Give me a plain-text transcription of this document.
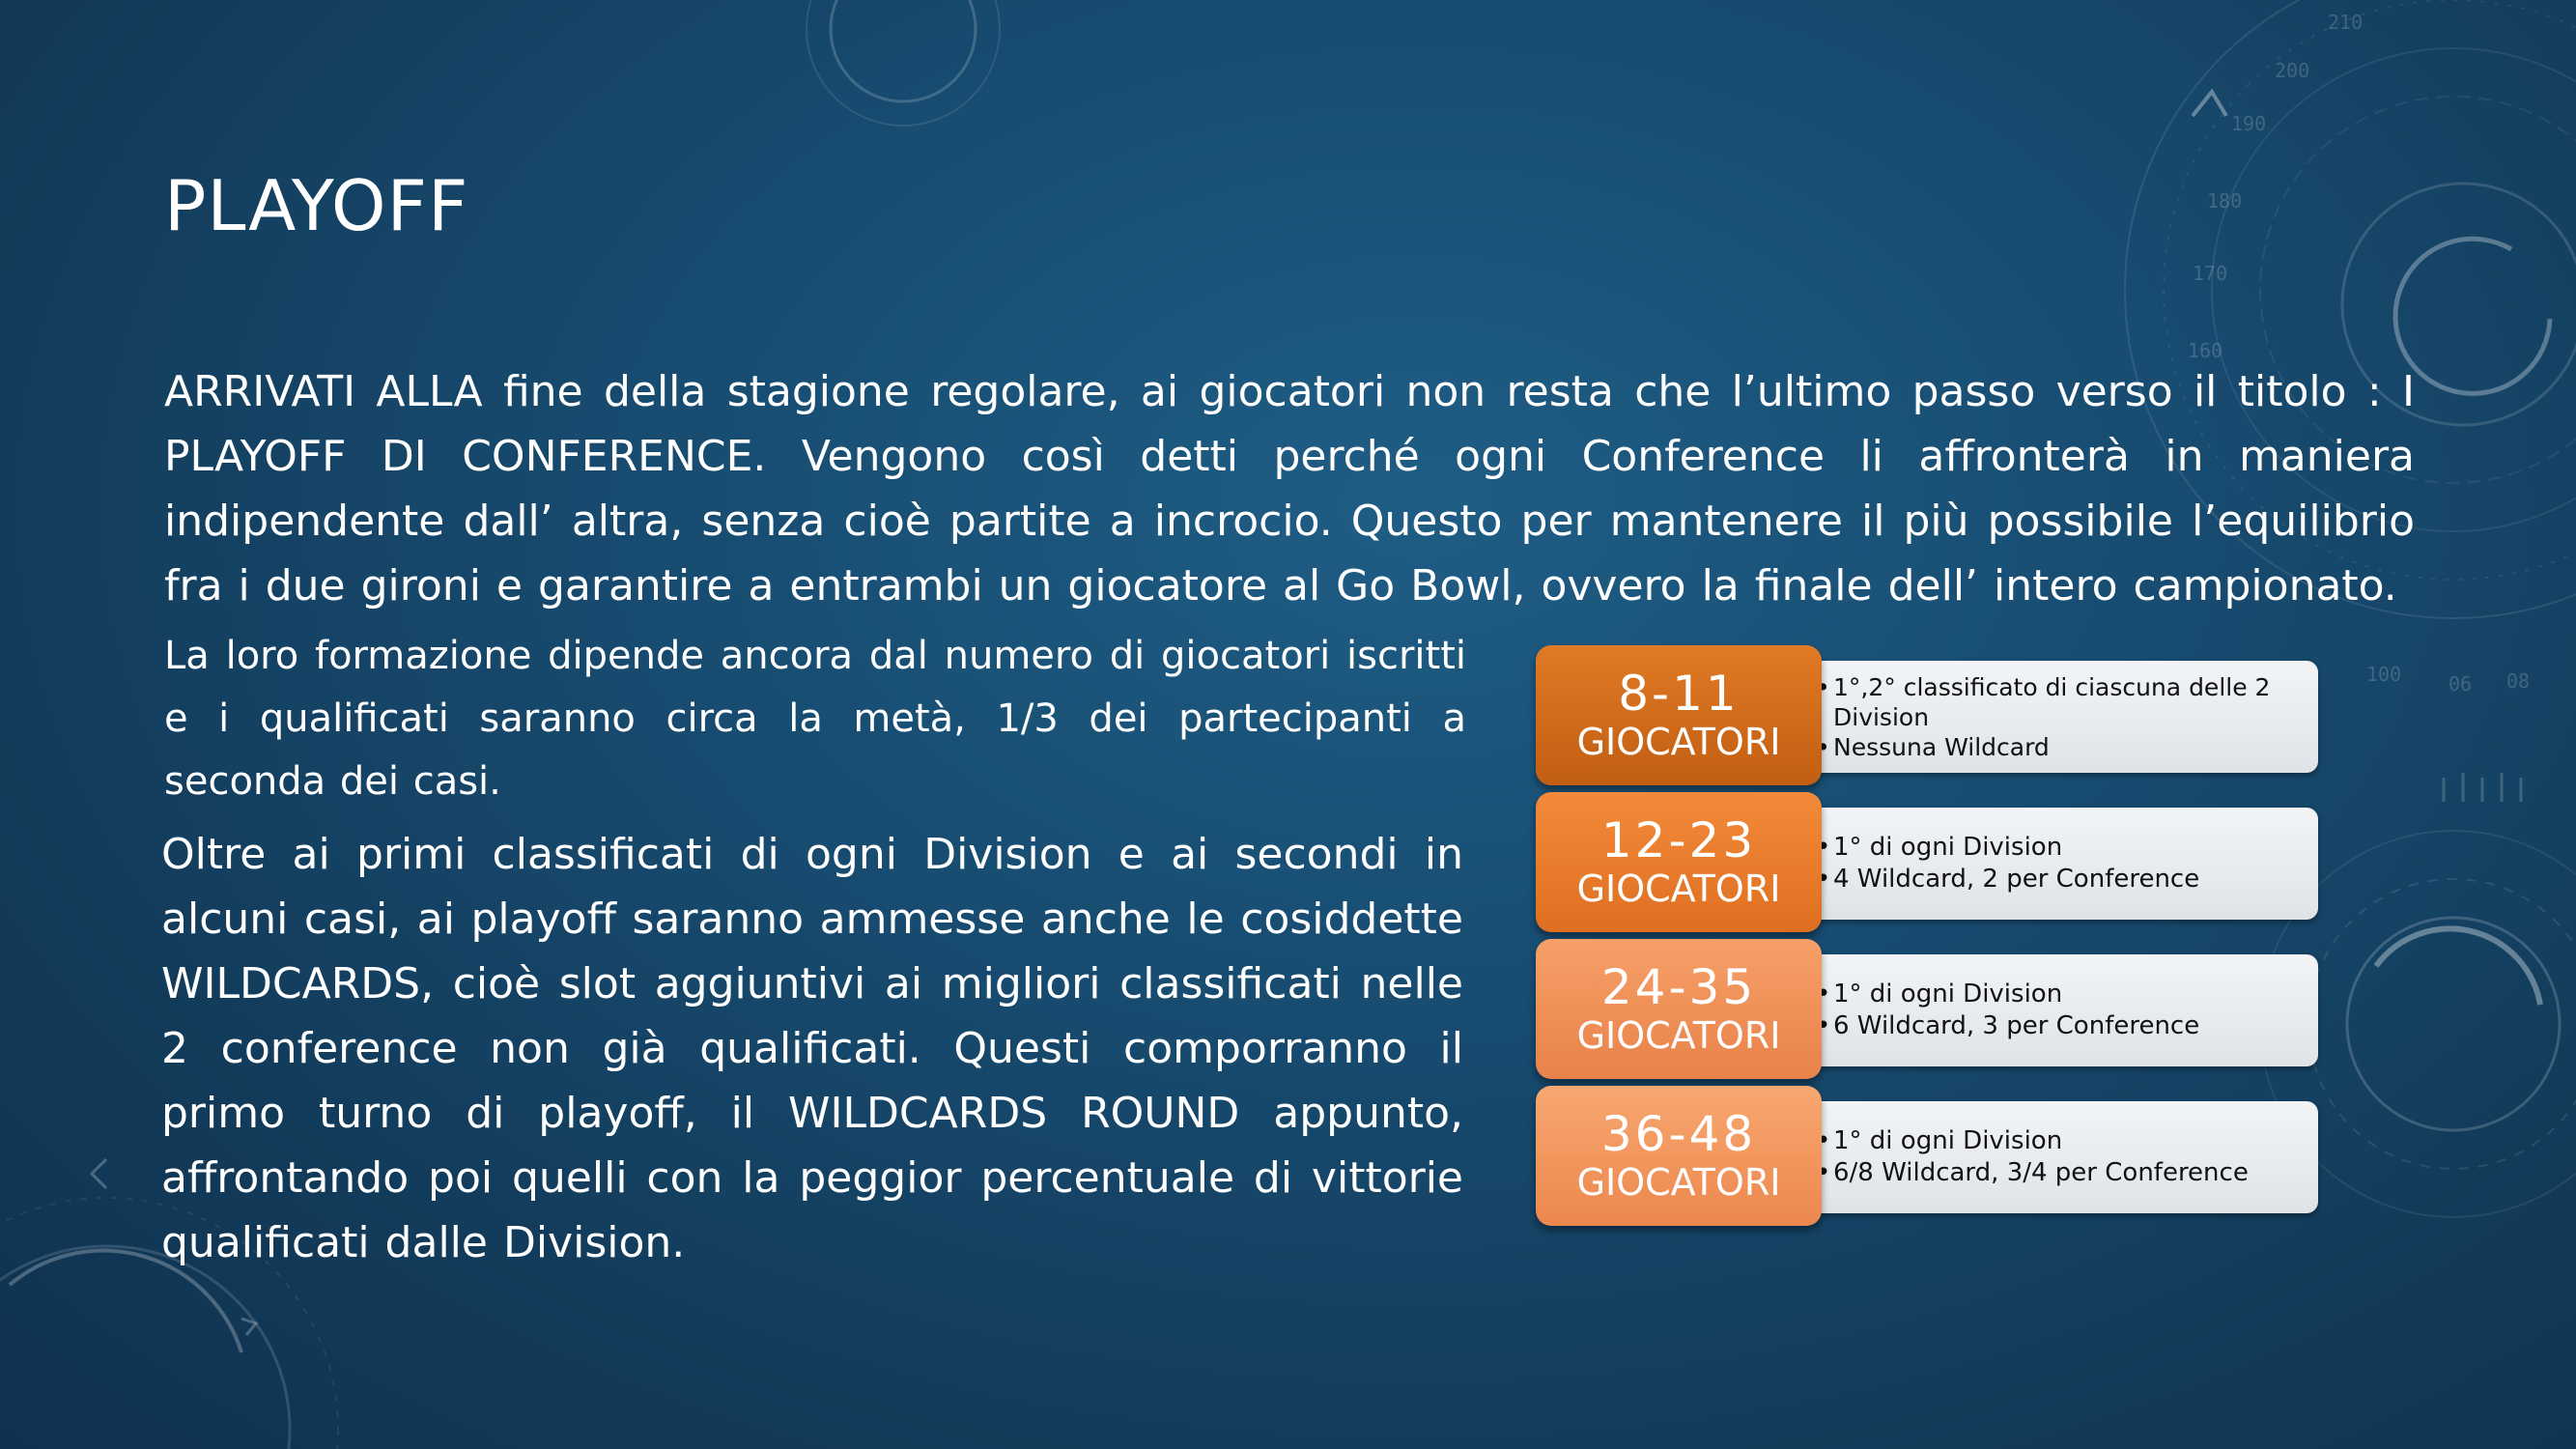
210
200
190
180
170
160
100 06 08
PLAYOFF

ARRIVATI ALLA fine della stagione regolare, ai giocatori non resta che l’ultimo passo verso il titolo : I PLAYOFF DI CONFERENCE. Vengono così detti perché ogni Conference li affronterà in maniera indipendente dall’ altra, senza cioè partite a incrocio. Questo per mantenere il più possibile l’equilibrio fra i due gironi e garantire a entrambi un giocatore al Go Bowl, ovvero la finale dell’ intero campionato.

La loro formazione dipende ancora dal numero di giocatori iscritti e i qualificati saranno circa la metà, 1/3 dei partecipanti a seconda dei casi.

Oltre ai primi classificati di ogni Division e ai secondi in alcuni casi, ai playoff saranno ammesse anche le cosiddette WILDCARDS, cioè slot aggiuntivi ai migliori classificati nelle 2 conference non già qualificati. Questi comporranno il primo turno di playoff, il WILDCARDS ROUND appunto, affrontando poi quelli con la peggior percentuale di vittorie qualificati dalle Division.

• 1°,2° classificato di ciascuna delle 2 Division
• Nessuna Wildcard
8-11
GIOCATORI
• 1° di ogni Division
• 4 Wildcard, 2 per Conference
12-23
GIOCATORI
• 1° di ogni Division
• 6 Wildcard, 3 per Conference
24-35
GIOCATORI
• 1° di ogni Division
• 6/8 Wildcard, 3/4 per Conference
36-48
GIOCATORI
